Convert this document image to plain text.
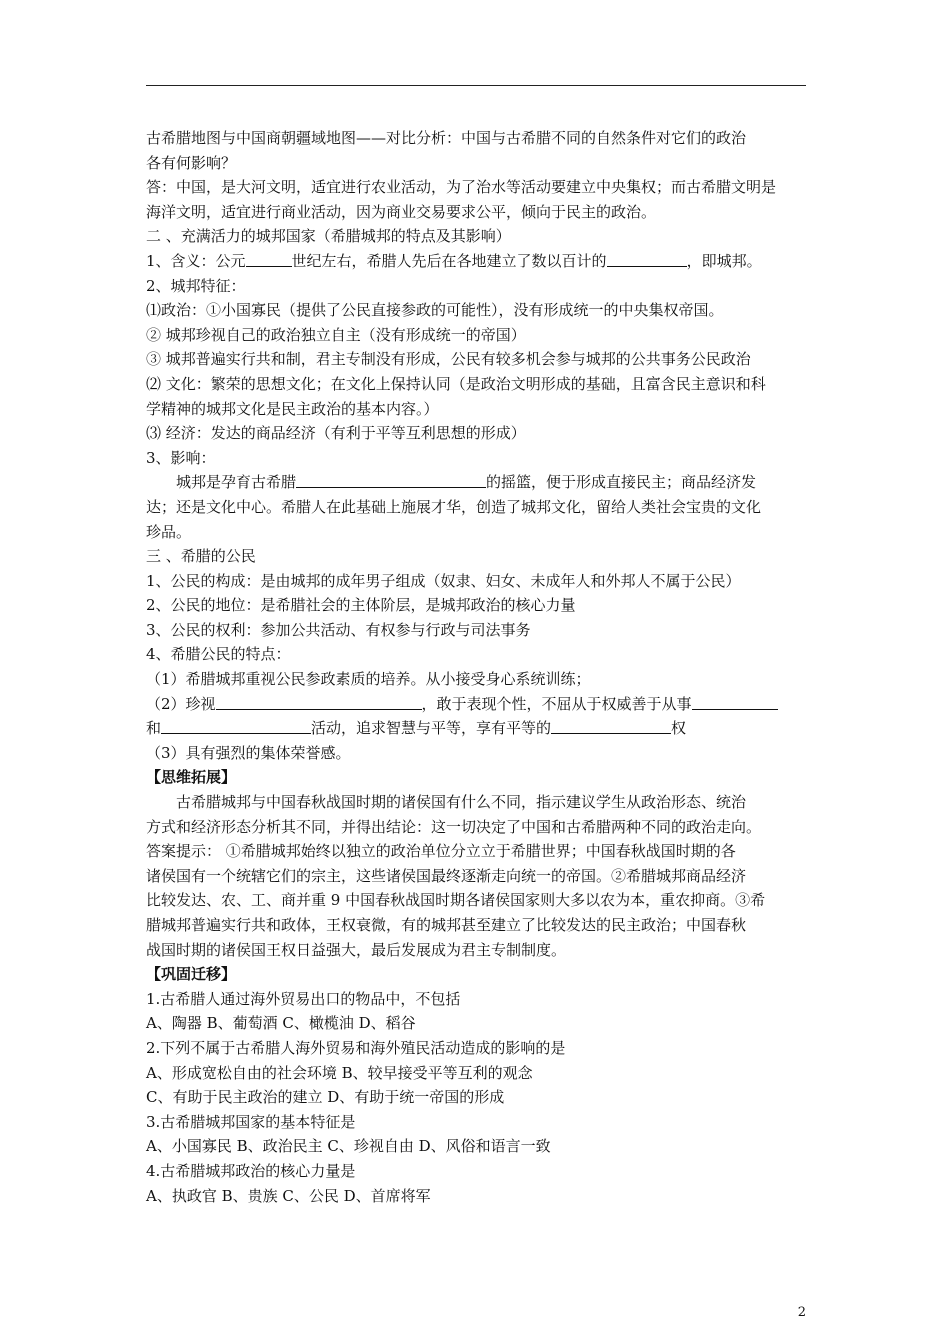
古希腊地图与中国商朝疆域地图——对比分析：中国与古希腊不同的自然条件对它们的政治
各有何影响？
答：中国，是大河文明，适宜进行农业活动，为了治水等活动要建立中央集权；而古希腊文明是
海洋文明，适宜进行商业活动，因为商业交易要求公平，倾向于民主的政治。
二 、充满活力的城邦国家（希腊城邦的特点及其影响）
1、含义：公元	世纪左右，希腊人先后在各地建立了数以百计的	，即城邦。
2、城邦特征：
⑴政治：①小国寡民（提供了公民直接参政的可能性），没有形成统一的中央集权帝国。
② 城邦珍视自己的政治独立自主（没有形成统一的帝国）
③ 城邦普遍实行共和制，君主专制没有形成，公民有较多机会参与城邦的公共事务公民政治
⑵ 文化：繁荣的思想文化；在文化上保持认同（是政治文明形成的基础，且富含民主意识和科
学精神的城邦文化是民主政治的基本内容。）
⑶ 经济：发达的商品经济（有利于平等互利思想的形成）
3、影响：
城邦是孕育古希腊	的摇篮，便于形成直接民主；商品经济发
达；还是文化中心。希腊人在此基础上施展才华，创造了城邦文化，留给人类社会宝贵的文化
珍品。
三 、希腊的公民
1、公民的构成：是由城邦的成年男子组成（奴隶、妇女、未成年人和外邦人不属于公民）
2、公民的地位：是希腊社会的主体阶层，是城邦政治的核心力量
3、公民的权利：参加公共活动、有权参与行政与司法事务
4、希腊公民的特点：
（1）希腊城邦重视公民参政素质的培养。从小接受身心系统训练；
（2）珍视	，敢于表现个性，不屈从于权威善于从事
和	活动，追求智慧与平等，享有平等的	权
（3）具有强烈的集体荣誉感。
【思维拓展】
古希腊城邦与中国春秋战国时期的诸侯国有什么不同，指示建议学生从政治形态、统治
方式和经济形态分析其不同，并得出结论：这一切决定了中国和古希腊两种不同的政治走向。
答案提示： ①希腊城邦始终以独立的政治单位分立立于希腊世界；中国春秋战国时期的各
诸侯国有一个统辖它们的宗主，这些诸侯国最终逐渐走向统一的帝国。②希腊城邦商品经济
比较发达、农、工、商并重 9 中国春秋战国时期各诸侯国家则大多以农为本，重农抑商。③希
腊城邦普遍实行共和政体，王权衰微，有的城邦甚至建立了比较发达的民主政治；中国春秋
战国时期的诸侯国王权日益强大，最后发展成为君主专制制度。
【巩固迁移】
1.古希腊人通过海外贸易出口的物品中，不包括
A、陶器 B、葡萄酒 C、橄榄油 D、稻谷
2.下列不属于古希腊人海外贸易和海外殖民活动造成的影响的是
A、形成宽松自由的社会环境 B、较早接受平等互利的观念
C、有助于民主政治的建立 D、有助于统一帝国的形成
3.古希腊城邦国家的基本特征是
A、小国寡民 B、政治民主 C、珍视自由 D、风俗和语言一致
4.古希腊城邦政治的核心力量是
A、执政官 B、贵族 C、公民 D、首席将军
2
